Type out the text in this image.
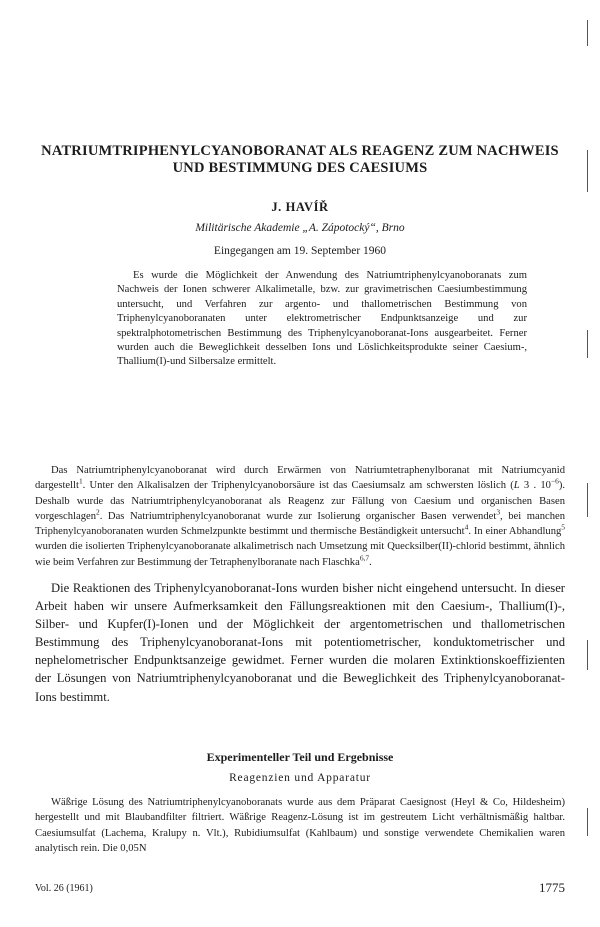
NATRIUMTRIPHENYLCYANOBORANAT ALS REAGENZ ZUM NACHWEIS
UND BESTIMMUNG DES CAESIUMS

J. HAVÍŘ

Militärische Akademie „A. Zápotocký“, Brno

Eingegangen am 19. September 1960

Es wurde die Möglichkeit der Anwendung des Natriumtriphenylcyanoboranats zum Nachweis der Ionen schwerer Alkalimetalle, bzw. zur gravimetrischen Caesiumbestimmung untersucht, und Verfahren zur argento- und thallometrischen Bestimmung von Triphenylcyanoboranaten unter elektrometrischer Endpunktsanzeige und zur spektralphotometrischen Bestimmung des Triphenylcyanoboranat-Ions ausgearbeitet. Ferner wurden auch die Beweglichkeit desselben Ions und Löslichkeitsprodukte seiner Caesium-, Thallium(I)-und Silbersalze ermittelt.

Das Natriumtriphenylcyanoboranat wird durch Erwärmen von Natriumtetraphenylboranat mit Natriumcyanid dargestellt$^1$. Unter den Alkalisalzen der Triphenylcyanoborsäure ist das Caesiumsalz am schwersten löslich (L 3 . $10^{-6}$). Deshalb wurde das Natriumtriphenylcyanoboranat als Reagenz zur Fällung von Caesium und organischen Basen vorgeschlagen$^2$. Das Natriumtriphenylcyanoboranat wurde zur Isolierung organischer Basen verwendet$^3$, bei manchen Triphenylcyanoboranaten wurden Schmelzpunkte bestimmt und thermische Beständigkeit untersucht$^4$. In einer Abhandlung$^5$ wurden die isolierten Triphenylcyanoboranate alkalimetrisch nach Umsetzung mit Quecksilber(II)-chlorid bestimmt, ähnlich wie beim Verfahren zur Bestimmung der Tetraphenylboranate nach Flaschka$^{6,7}$.

Die Reaktionen des Triphenylcyanoboranat-Ions wurden bisher nicht eingehend untersucht. In dieser Arbeit haben wir unsere Aufmerksamkeit den Fällungsreaktionen mit den Caesium-, Thallium(I)-, Silber- und Kupfer(I)-Ionen und der Möglichkeit der argentometrischen und thallometrischen Bestimmung des Triphenylcyanoboranat-Ions mit potentiometrischer, konduktometrischer und nephelometrischer Endpunktsanzeige gewidmet. Ferner wurden die molaren Extinktionskoeffizienten der Lösungen von Natriumtriphenylcyanoboranat und die Beweglichkeit des Triphenylcyanoboranat-Ions bestimmt.

Experimenteller Teil und Ergebnisse

Reagenzien und Apparatur

Wäßrige Lösung des Natriumtriphenylcyanoboranats wurde aus dem Präparat Caesignost (Heyl & Co, Hildesheim) hergestellt und mit Blaubandfilter filtriert. Wäßrige Reagenz-Lösung ist im gestreutem Licht verhältnismäßig haltbar. Caesiumsulfat (Lachema, Kralupy n. Vlt.), Rubidiumsulfat (Kahlbaum) und sonstige verwendete Chemikalien waren analytisch rein. Die 0,05N

Vol. 26 (1961)	1775
